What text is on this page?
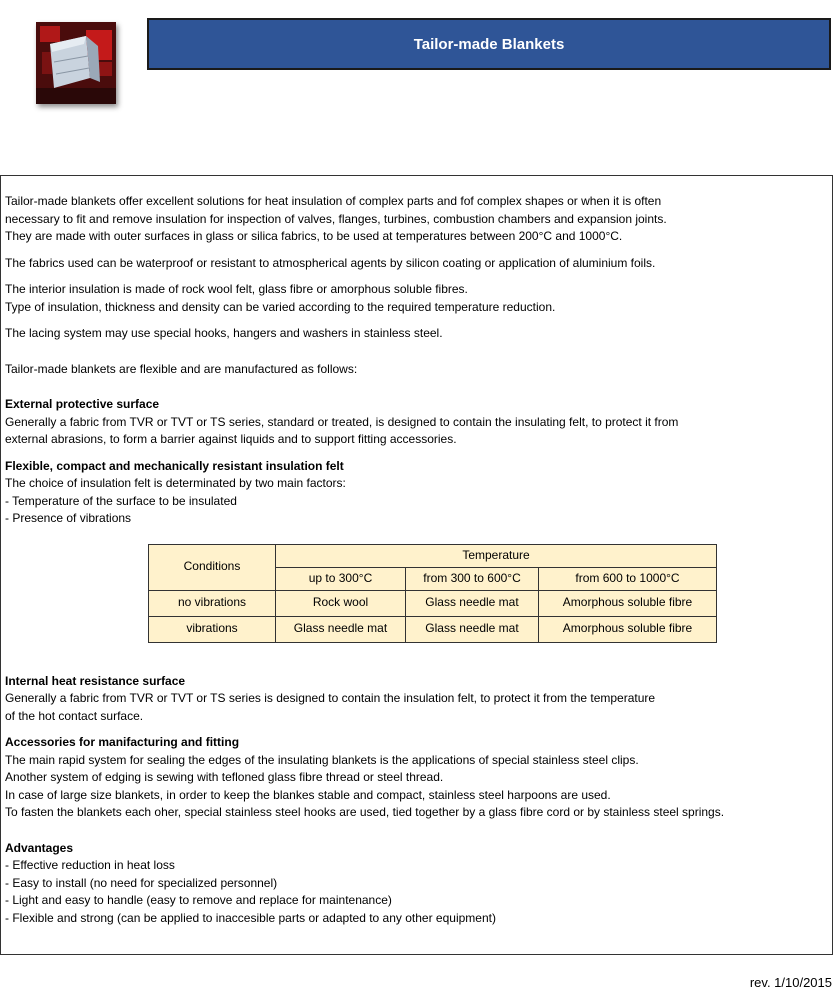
Tailor-made Blankets

Tailor-made blankets offer excellent solutions for heat insulation of complex parts and fof complex shapes or when it is often
necessary to fit and remove insulation for inspection of valves, flanges, turbines, combustion chambers and expansion joints.
They are made with outer surfaces in glass or silica fabrics, to be used at temperatures between 200°C and 1000°C.

The fabrics used can be waterproof or resistant to atmospherical agents by silicon coating or application of aluminium foils.

The interior insulation is made of rock wool felt, glass fibre or amorphous soluble fibres.
Type of insulation, thickness and density can be varied according to the required temperature reduction.

The lacing system may use special hooks, hangers and washers in stainless steel.

Tailor-made blankets are flexible and are manufactured as follows:

External protective surface
Generally a fabric from TVR or TVT or TS series, standard or treated, is designed to contain the insulating felt, to protect it from
external abrasions, to form a barrier against liquids and to support fitting accessories.

Flexible, compact and mechanically resistant insulation felt
The choice of insulation felt is determinated by two main factors:
- Temperature of the surface to be insulated
- Presence of vibrations

Conditions	Temperature		
	up to 300°C	from 300 to 600°C	from 600 to 1000°C
no vibrations	Rock wool	Glass needle mat	Amorphous soluble fibre
vibrations	Glass needle mat	Glass needle mat	Amorphous soluble fibre

Internal heat resistance surface
Generally a fabric from TVR or TVT or TS series is designed to contain the insulation felt, to protect it from the temperature
of the hot contact surface.

Accessories for manifacturing and fitting
The main rapid system for sealing the edges of the insulating blankets is the applications of special stainless steel clips.
Another system of edging is sewing with tefloned glass fibre thread or steel thread.
In case of large size blankets, in order to keep the blankes stable and compact, stainless steel harpoons are used.
To fasten the blankets each oher, special stainless steel hooks are used, tied together by a glass fibre cord or by stainless steel springs.

Advantages
- Effective reduction in heat loss
- Easy to install (no need for specialized personnel)
- Light and easy to handle (easy to remove and replace for maintenance)
- Flexible and strong (can be applied to inaccesible parts or adapted to any other equipment)

rev. 1/10/2015
